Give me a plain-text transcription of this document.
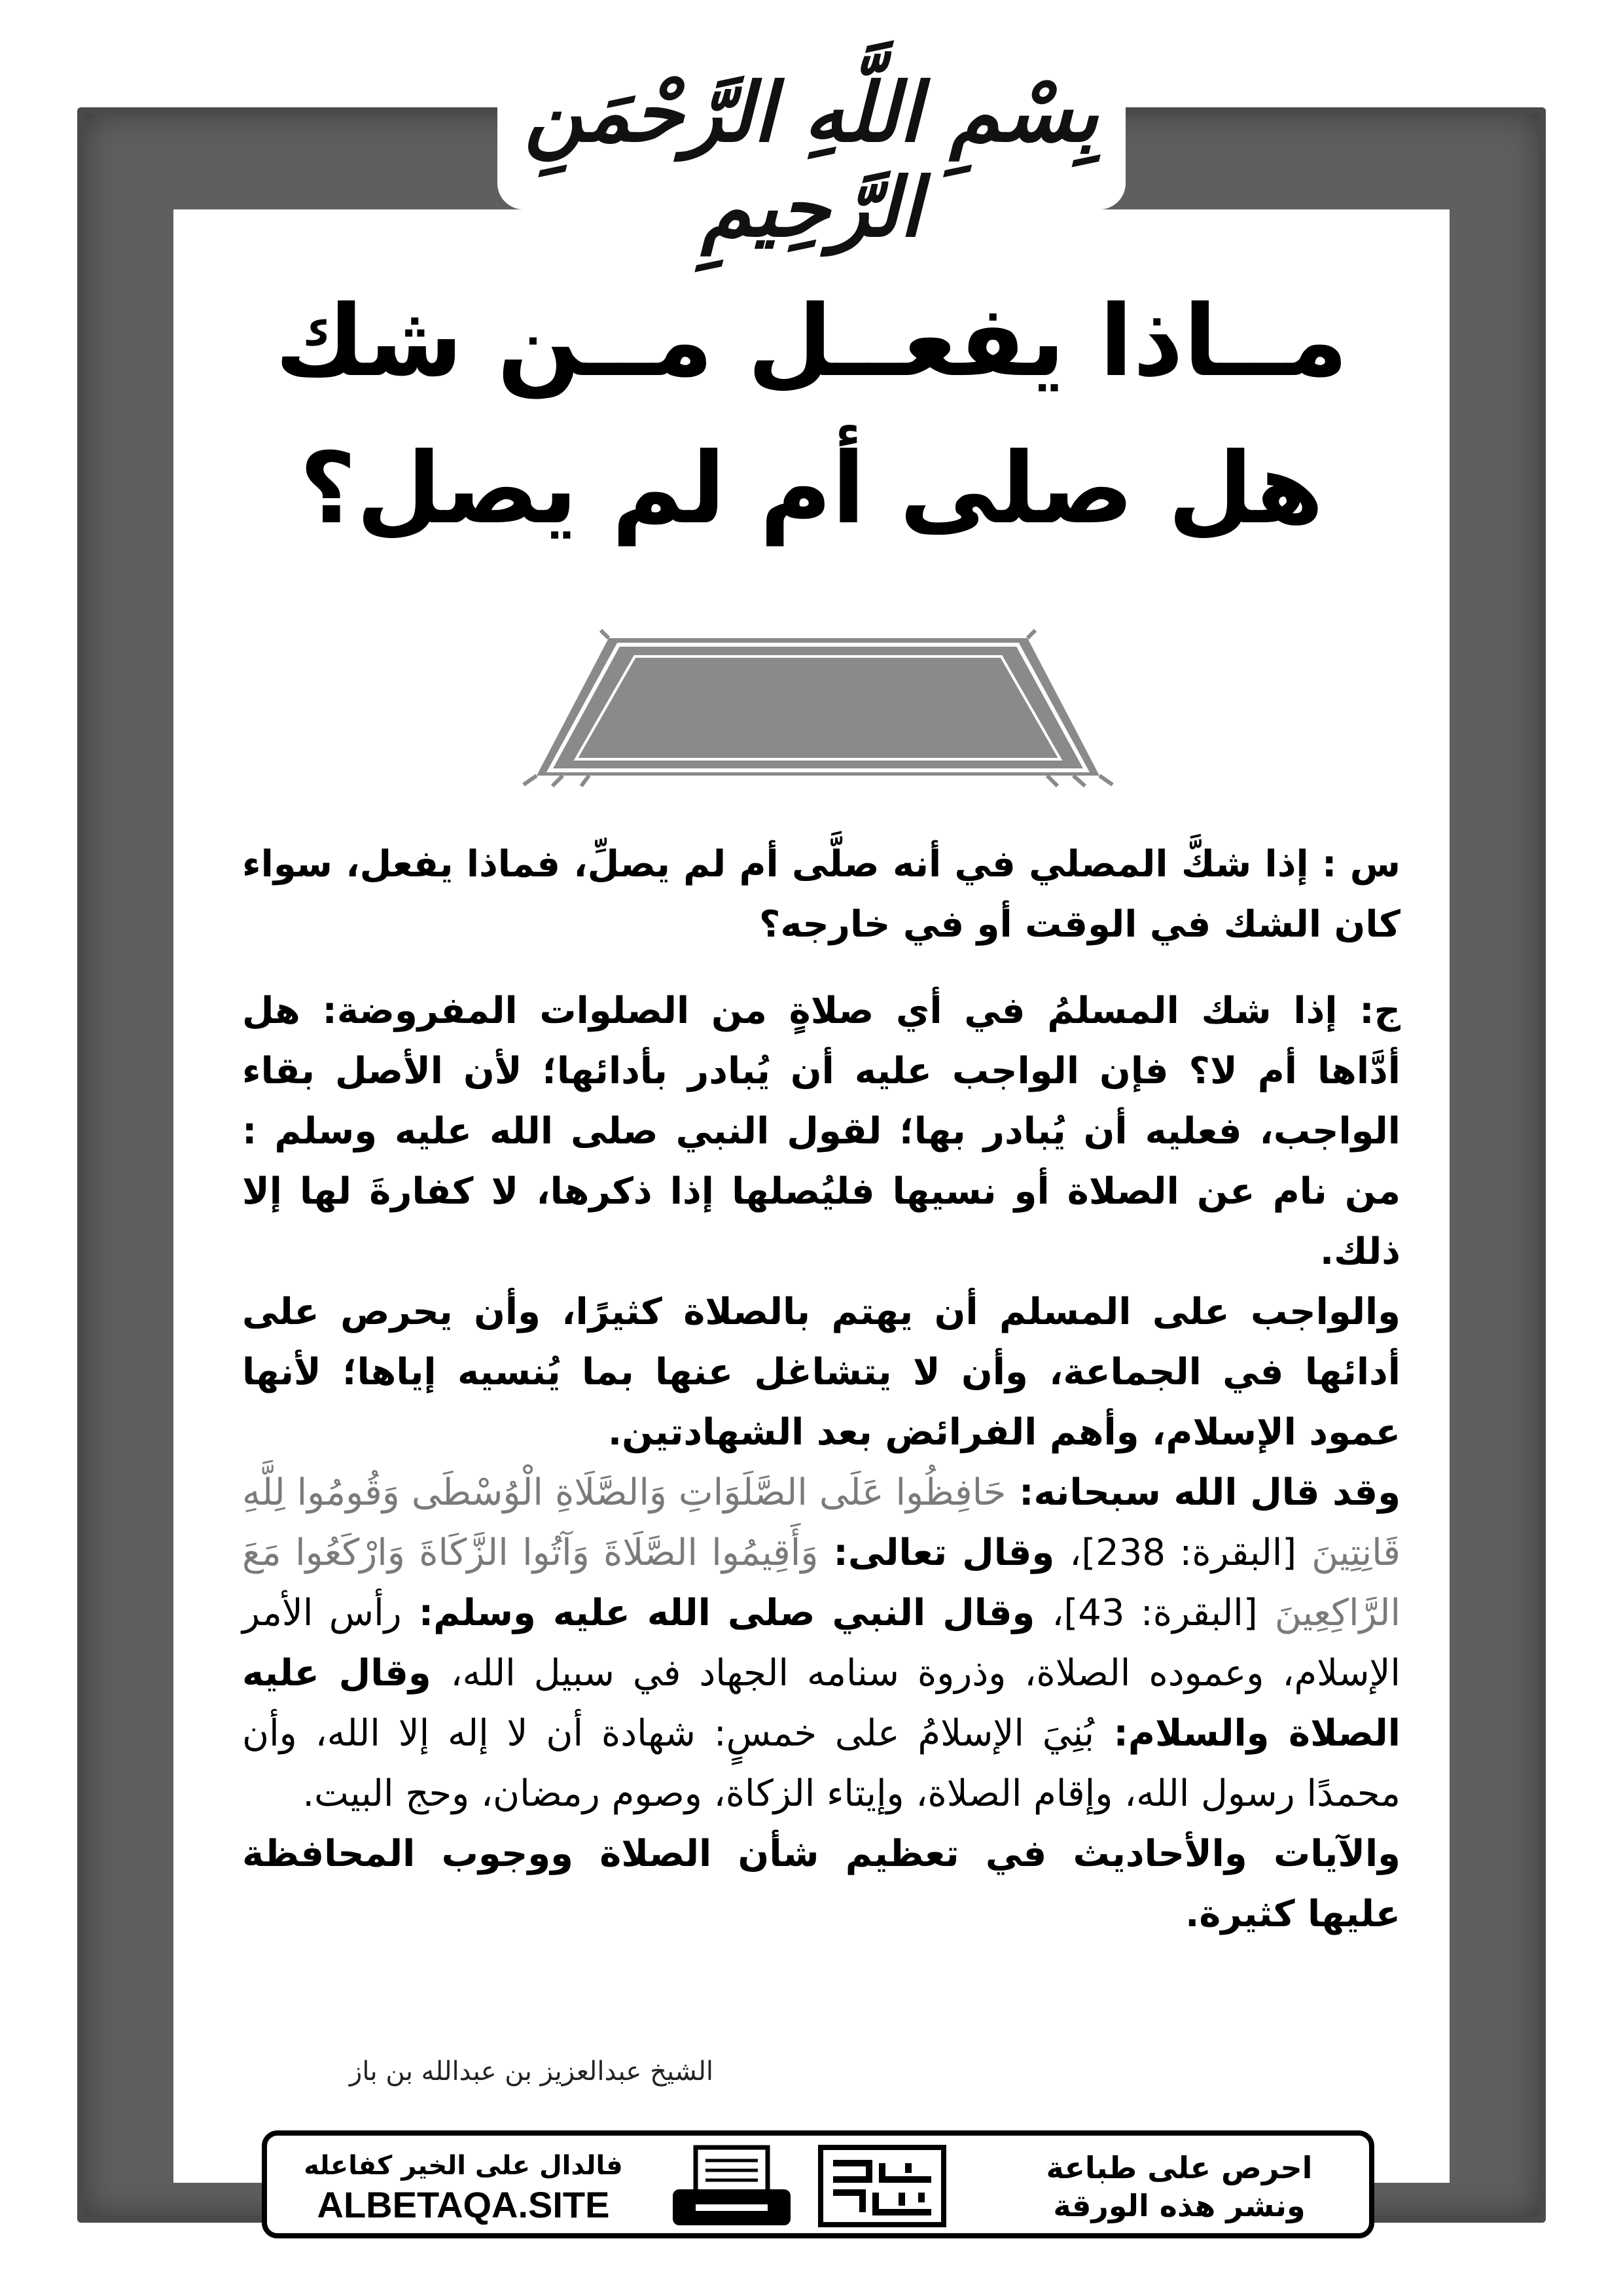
بِسْمِ اللَّهِ الرَّحْمَنِ الرَّحِيمِ
مــاذا يفعــل مــن شك
هل صلى أم لم يصل؟

س : إذا شكَّ المصلي في أنه صلَّى أم لم يصلِّ، فماذا يفعل، سواء كان الشك في الوقت أو في خارجه؟

ج: إذا شك المسلمُ في أي صلاةٍ من الصلوات المفروضة: هل أدَّاها أم لا؟ فإن الواجب عليه أن يُبادر بأدائها؛ لأن الأصل بقاء الواجب، فعليه أن يُبادر بها؛ لقول النبي صلى الله عليه وسلم : من نام عن الصلاة أو نسيها فليُصلها إذا ذكرها، لا كفارةَ لها إلا ذلك.

والواجب على المسلم أن يهتم بالصلاة كثيرًا، وأن يحرص على أدائها في الجماعة، وأن لا يتشاغل عنها بما يُنسيه إياها؛ لأنها عمود الإسلام، وأهم الفرائض بعد الشهادتين.

وقد قال الله سبحانه: حَافِظُوا عَلَى الصَّلَوَاتِ وَالصَّلَاةِ الْوُسْطَى وَقُومُوا لِلَّهِ قَانِتِينَ [البقرة: 238]، وقال تعالى: وَأَقِيمُوا الصَّلَاةَ وَآتُوا الزَّكَاةَ وَارْكَعُوا مَعَ الرَّاكِعِينَ [البقرة: 43]، وقال النبي صلى الله عليه وسلم: رأس الأمر الإسلام، وعموده الصلاة، وذروة سنامه الجهاد في سبيل الله، وقال عليه الصلاة والسلام: بُنِيَ الإسلامُ على خمسٍ: شهادة أن لا إله إلا الله، وأن محمدًا رسول الله، وإقام الصلاة، وإيتاء الزكاة، وصوم رمضان، وحج البيت.

والآيات والأحاديث في تعظيم شأن الصلاة ووجوب المحافظة عليها كثيرة.

الشيخ عبدالعزيز بن عبدالله بن باز
احرص على طباعة
ونشر هذه الورقة
دعوة الورقة
فالدال على الخير كفاعله
ALBETAQA.SITE
